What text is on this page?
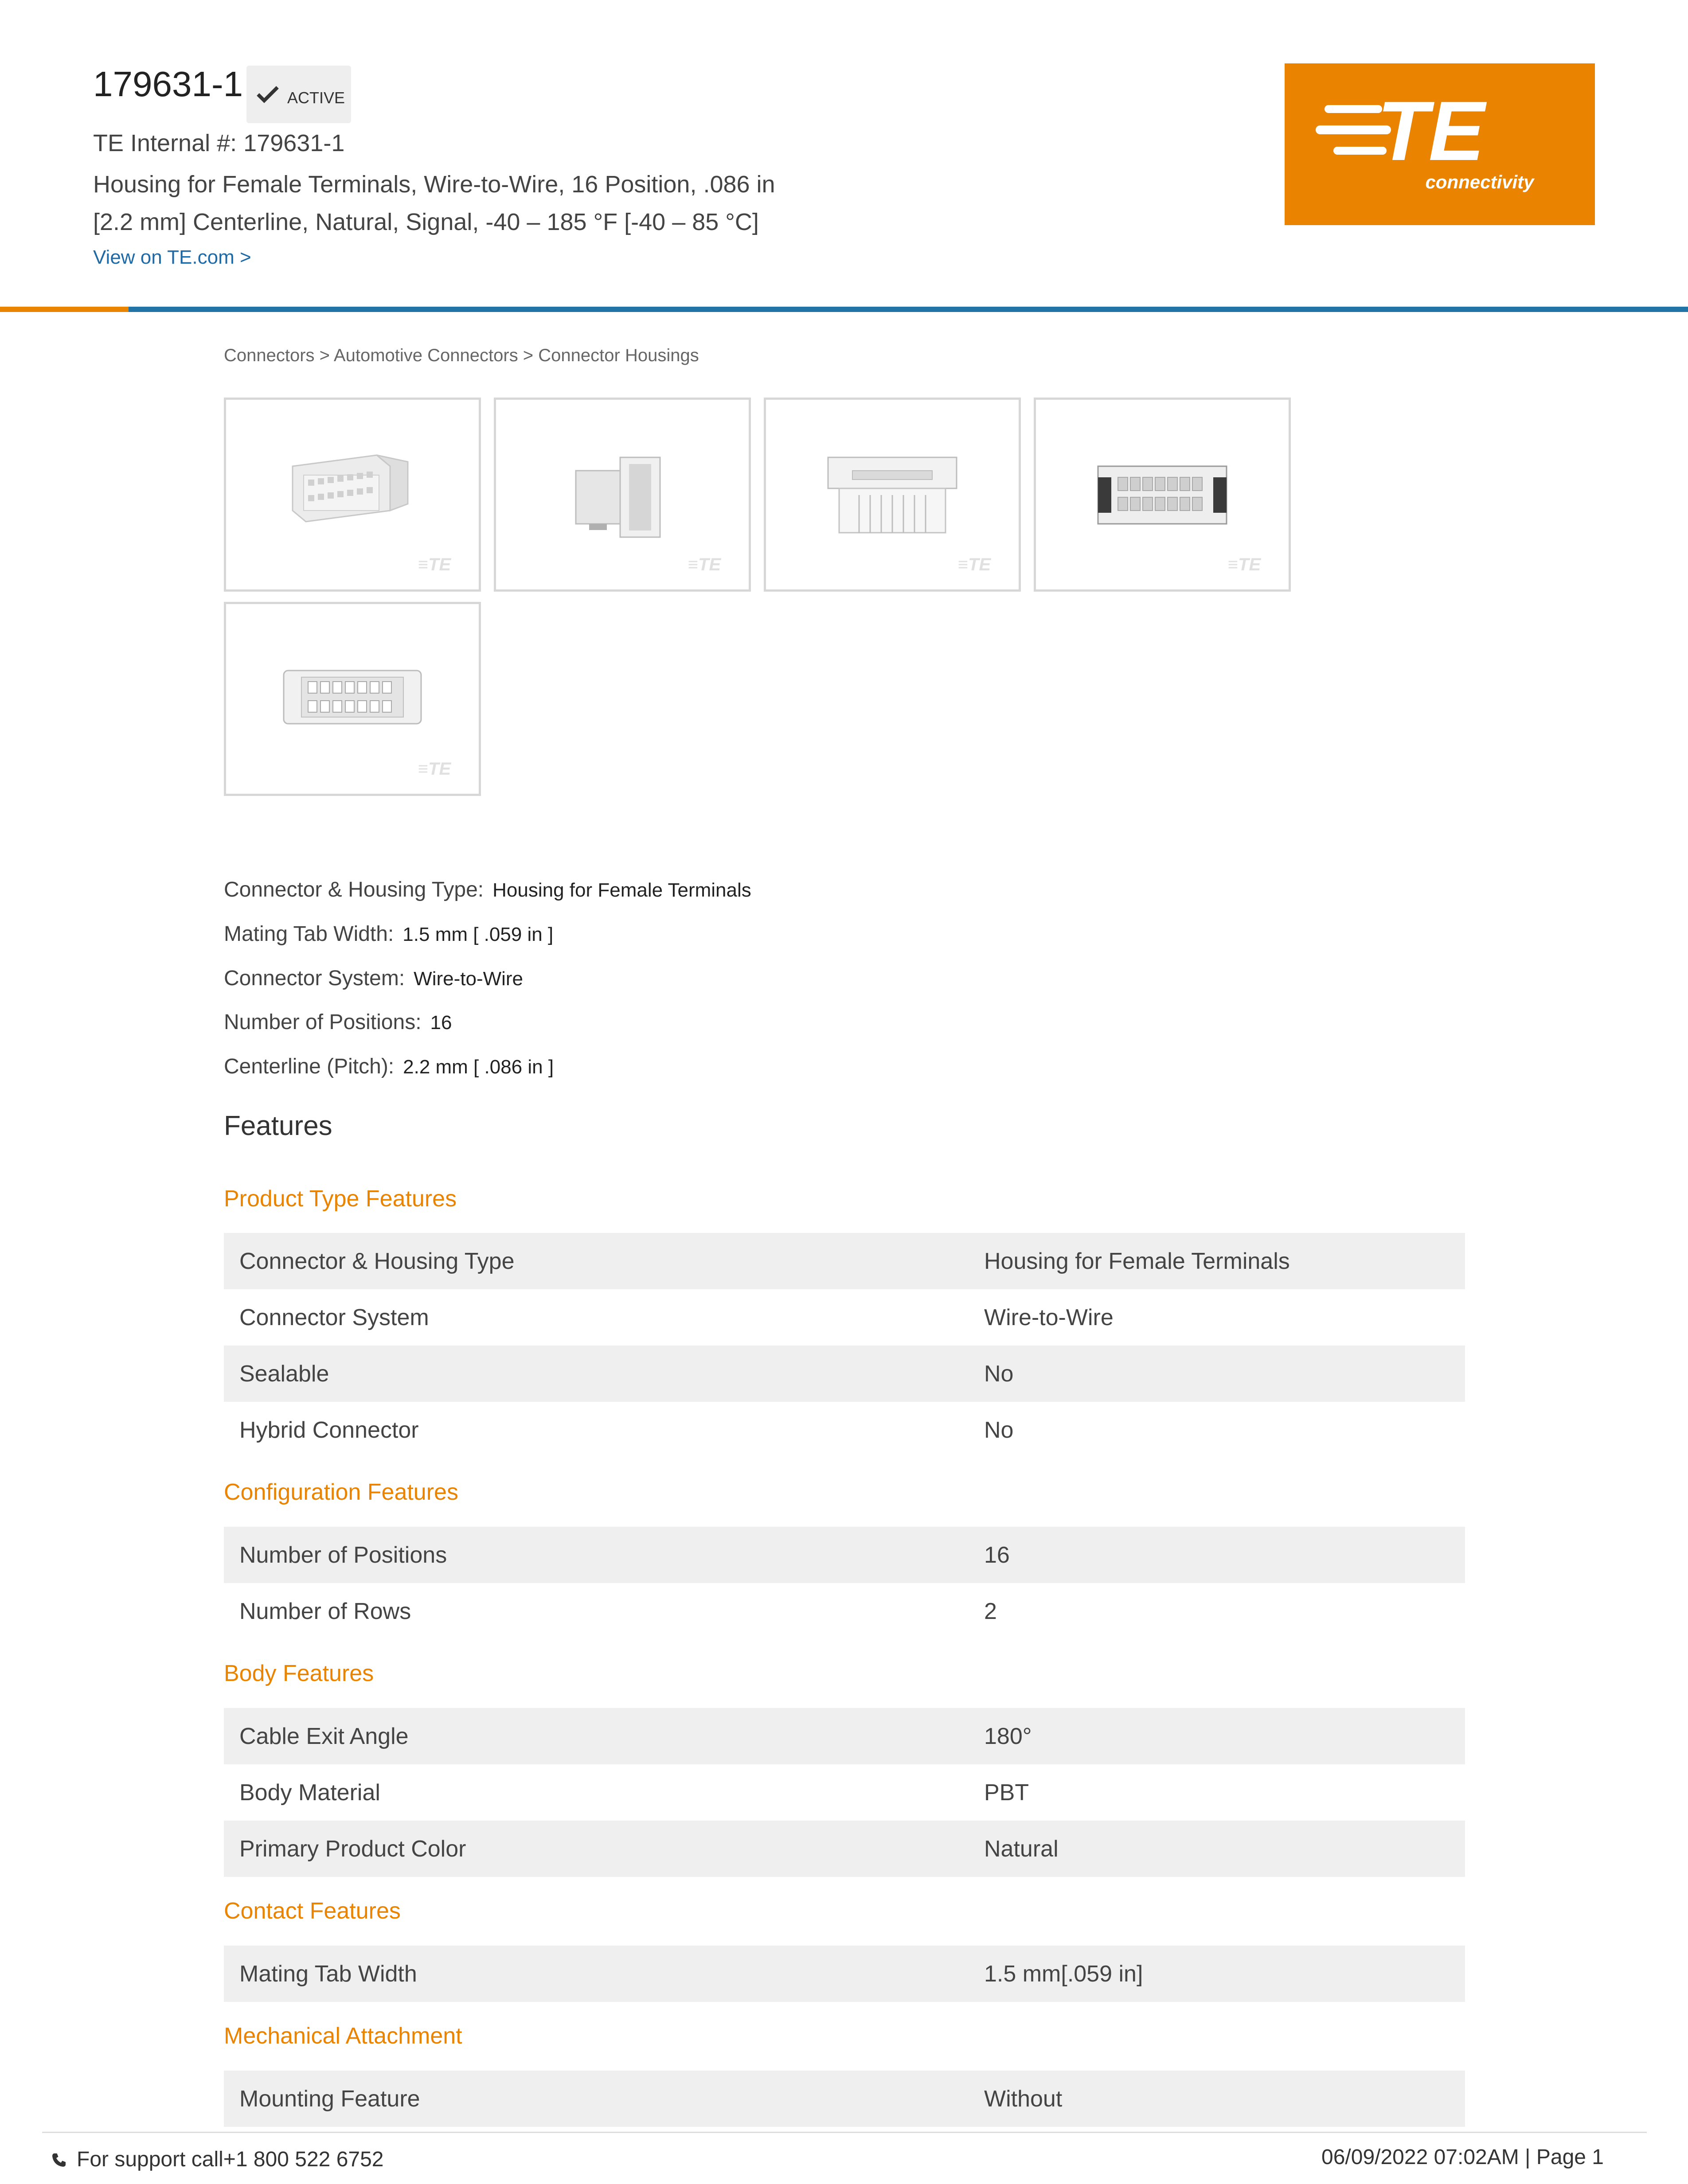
179631-1	ACTIVE
TE Internal #: 179631-1
Housing for Female Terminals, Wire-to-Wire, 16 Position, .086 in
[2.2 mm] Centerline, Natural, Signal, -40 – 185 °F [-40 – 85 °C]
View on TE.com >
TE
connectivity
Connectors > Automotive Connectors > Connector Housings
≡TE	≡TE	≡TE	≡TE
≡TE
Connector & Housing Type: Housing for Female Terminals
Mating Tab Width: 1.5 mm [ .059 in ]
Connector System: Wire-to-Wire
Number of Positions: 16
Centerline (Pitch): 2.2 mm [ .086 in ]
Features
Product Type Features
Connector & Housing Type	Housing for Female Terminals
Connector System	Wire-to-Wire
Sealable	No
Hybrid Connector	No
Configuration Features
Number of Positions	16
Number of Rows	2
Body Features
Cable Exit Angle	180°
Body Material	PBT
Primary Product Color	Natural
Contact Features
Mating Tab Width	1.5 mm[.059 in]
Mechanical Attachment
Mounting Feature	Without
For support call+1 800 522 6752	06/09/2022 07:02AM | Page 1
